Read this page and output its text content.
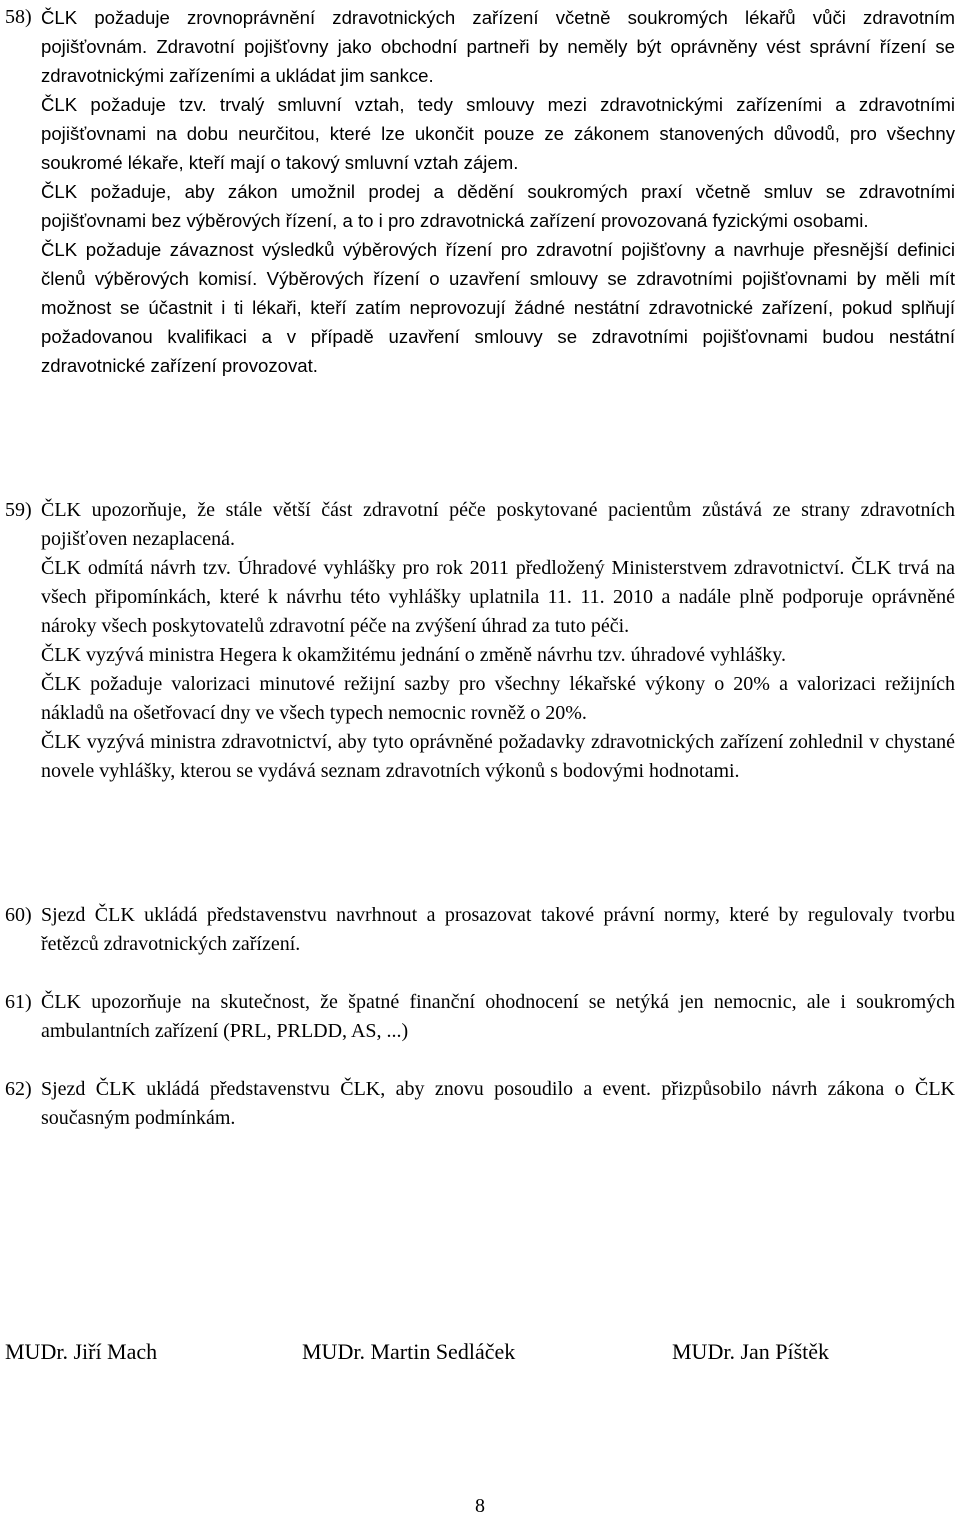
58) ČLK požaduje zrovnoprávnění zdravotnických zařízení včetně soukromých lékařů vůči zdravotním pojišťovnám. Zdravotní pojišťovny jako obchodní partneři by neměly být oprávněny vést správní řízení se zdravotnickými zařízeními a ukládat jim sankce.

ČLK požaduje tzv. trvalý smluvní vztah, tedy smlouvy mezi zdravotnickými zařízeními a zdravotními pojišťovnami na dobu neurčitou, které lze ukončit pouze ze zákonem stanovených důvodů, pro všechny soukromé lékaře, kteří mají o takový smluvní vztah zájem.

ČLK požaduje, aby zákon umožnil prodej a dědění soukromých praxí včetně smluv se zdravotními pojišťovnami bez výběrových řízení, a to i pro zdravotnická zařízení provozovaná fyzickými osobami.

ČLK požaduje závaznost výsledků výběrových řízení pro zdravotní pojišťovny a navrhuje přesnější definici členů výběrových komisí. Výběrových řízení o uzavření smlouvy se zdravotními pojišťovnami by měli mít možnost se účastnit i ti lékaři, kteří zatím neprovozují žádné nestátní zdravotnické zařízení, pokud splňují požadovanou kvalifikaci a v případě uzavření smlouvy se zdravotními pojišťovnami budou nestátní zdravotnické zařízení provozovat.

59) ČLK upozorňuje, že stále větší část zdravotní péče poskytované pacientům zůstává ze strany zdravotních pojišťoven nezaplacená.

ČLK odmítá návrh tzv. Úhradové vyhlášky pro rok 2011 předložený Ministerstvem zdravotnictví. ČLK trvá na všech připomínkách, které k návrhu této vyhlášky uplatnila 11. 11. 2010 a nadále plně podporuje oprávněné nároky všech poskytovatelů zdravotní péče na zvýšení úhrad za tuto péči.

ČLK vyzývá ministra Hegera k okamžitému jednání o změně návrhu tzv. úhradové vyhlášky.

ČLK požaduje valorizaci minutové režijní sazby pro všechny lékařské výkony o 20% a valorizaci režijních nákladů na ošetřovací dny ve všech typech nemocnic rovněž o 20%.

ČLK vyzývá ministra zdravotnictví, aby tyto oprávněné požadavky zdravotnických zařízení zohlednil v chystané novele vyhlášky, kterou se vydává seznam zdravotních výkonů s bodovými hodnotami.

60) Sjezd ČLK ukládá představenstvu navrhnout a prosazovat takové právní normy, které by regulovaly tvorbu řetězců zdravotnických zařízení.

61) ČLK upozorňuje na skutečnost, že špatné finanční ohodnocení se netýká jen nemocnic, ale i soukromých ambulantních zařízení (PRL, PRLDD, AS, ...)

62) Sjezd ČLK ukládá představenstvu ČLK, aby znovu posoudilo a event. přizpůsobilo návrh zákona o ČLK současným podmínkám.

MUDr. Jiří Mach	MUDr. Martin Sedláček	MUDr. Jan Píštěk
8
